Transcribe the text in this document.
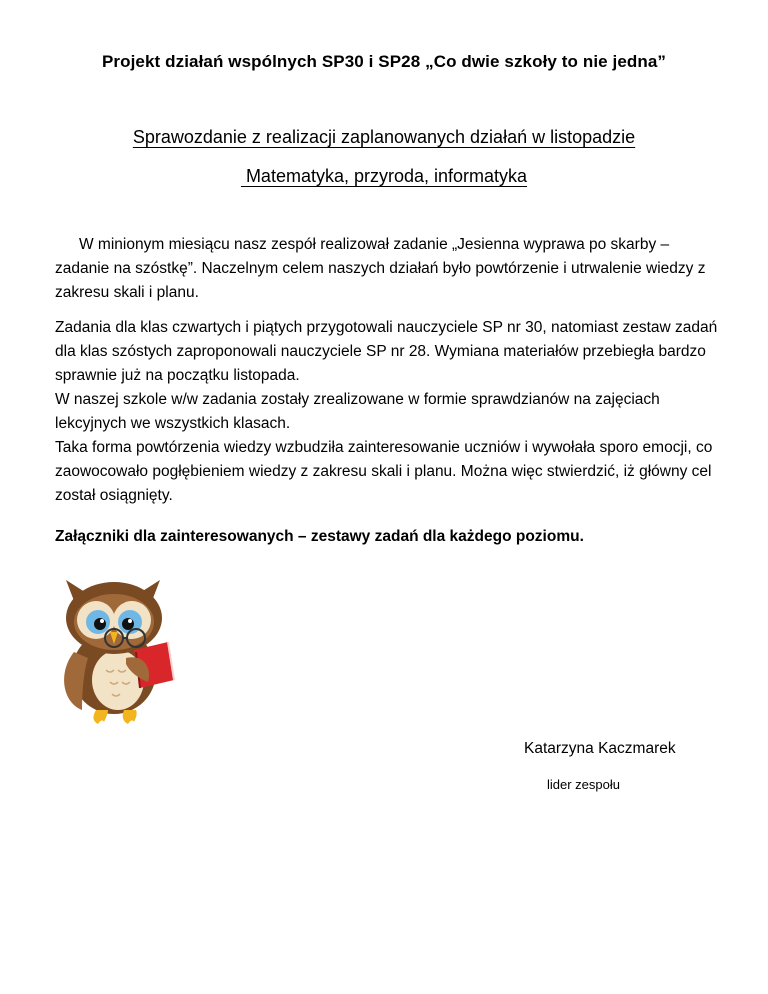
Projekt działań wspólnych SP30 i SP28 „Co dwie szkoły to nie jedna”
Sprawozdanie z realizacji zaplanowanych działań w listopadzie
Matematyka, przyroda, informatyka
W minionym miesiącu nasz zespół realizował zadanie „Jesienna wyprawa po skarby – zadanie na szóstkę”. Naczelnym celem naszych działań było powtórzenie i utrwalenie wiedzy z zakresu skali i planu.
Zadania dla klas czwartych i piątych przygotowali nauczyciele SP nr 30, natomiast zestaw zadań dla klas szóstych zaproponowali nauczyciele SP nr 28. Wymiana materiałów przebiegła bardzo sprawnie już na początku listopada.
W naszej szkole w/w zadania zostały zrealizowane w formie sprawdzianów na zajęciach lekcyjnych we wszystkich klasach.
Taka forma powtórzenia wiedzy wzbudziła zainteresowanie uczniów i wywołała sporo emocji, co zaowocowało pogłębieniem wiedzy z zakresu skali i planu. Można więc stwierdzić, iż główny cel został osiągnięty.
Załączniki dla zainteresowanych – zestawy zadań dla każdego poziomu.
Katarzyna Kaczmarek
lider zespołu
